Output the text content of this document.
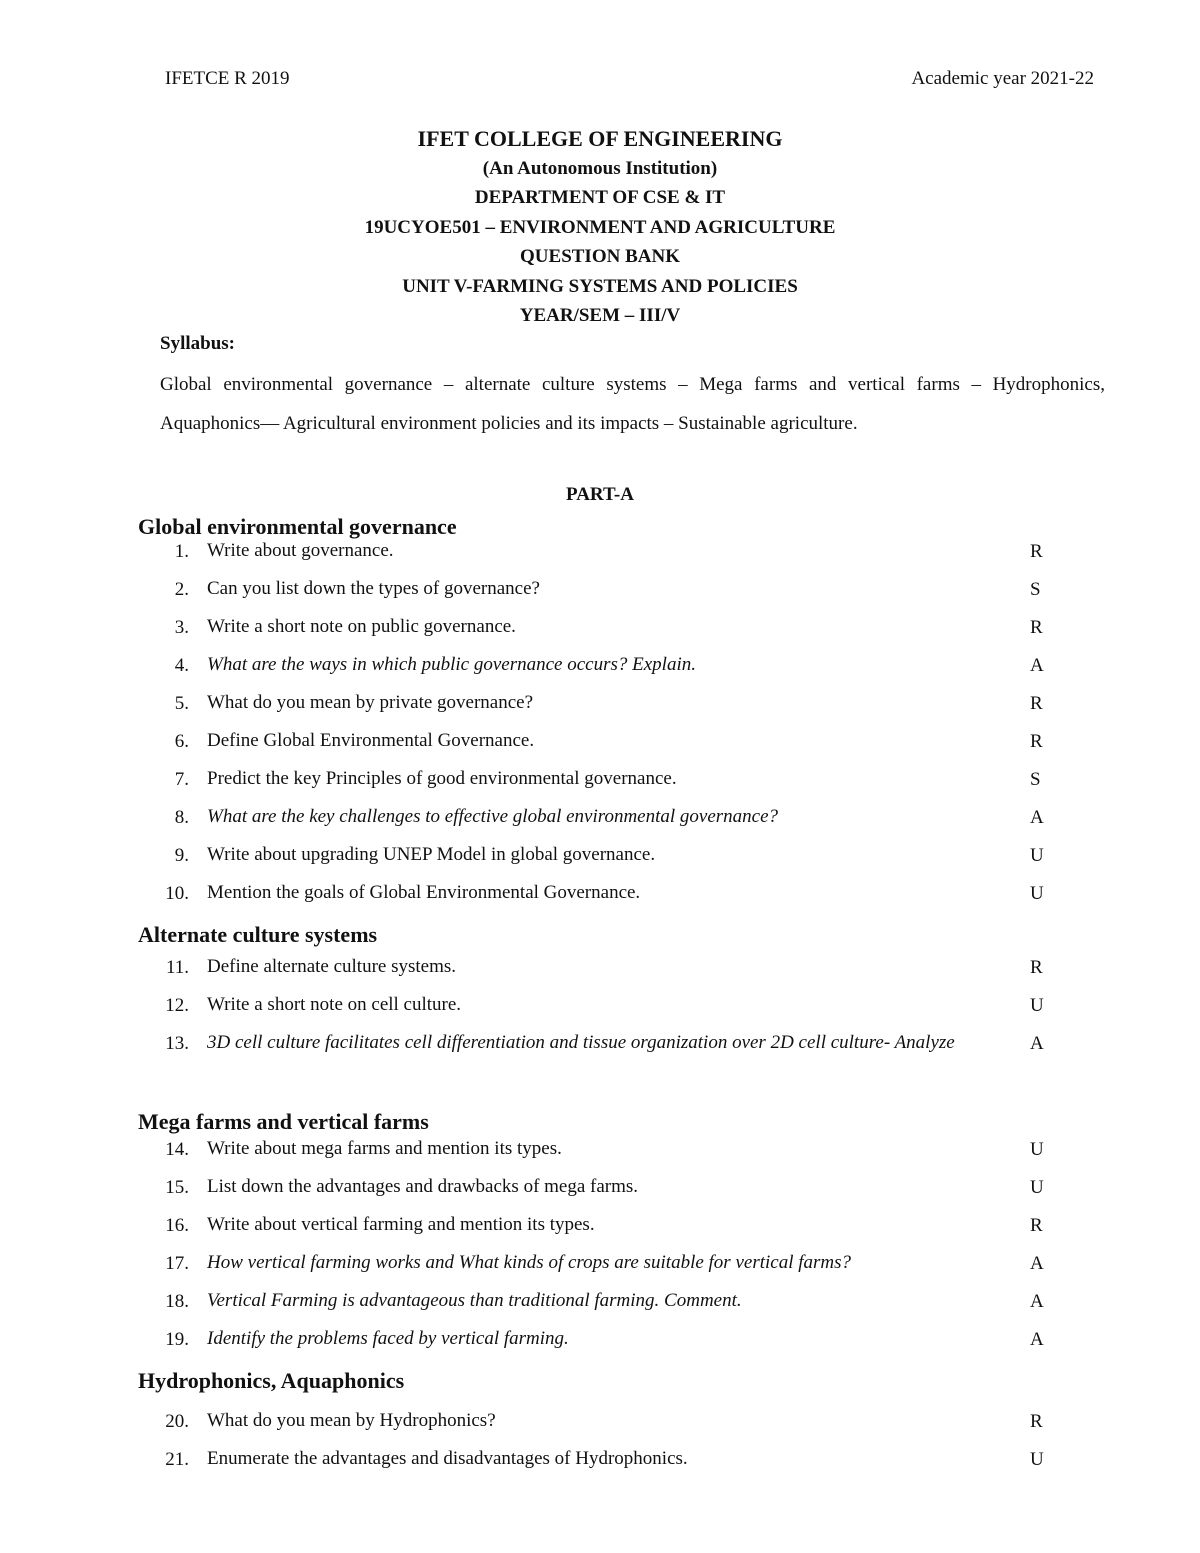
IFETCE R 2019	Academic year 2021-22
IFET COLLEGE OF ENGINEERING
(An Autonomous Institution)
DEPARTMENT OF CSE & IT
19UCYOE501 – ENVIRONMENT AND AGRICULTURE
QUESTION BANK
UNIT V-FARMING SYSTEMS AND POLICIES
YEAR/SEM – III/V
Syllabus:
Global environmental governance – alternate culture systems – Mega farms and vertical farms – Hydrophonics, Aquaphonics–– Agricultural environment policies and its impacts – Sustainable agriculture.
PART-A
Global environmental governance
1. Write about governance.	R
2. Can you list down the types of governance?	S
3. Write a short note on public governance.	R
4. What are the ways in which public governance occurs? Explain.	A
5. What do you mean by private governance?	R
6. Define Global Environmental Governance.	R
7. Predict the key Principles of good environmental governance.	S
8. What are the key challenges to effective global environmental governance?	A
9. Write about upgrading UNEP Model in global governance.	U
10. Mention the goals of Global Environmental Governance.	U
Alternate culture systems
11. Define alternate culture systems.	R
12. Write a short note on cell culture.	U
13. 3D cell culture facilitates cell differentiation and tissue organization over 2D cell culture- Analyze	A
Mega farms and vertical farms
14. Write about mega farms and mention its types.	U
15. List down the advantages and drawbacks of mega farms.	U
16. Write about vertical farming and mention its types.	R
17. How vertical farming works and What kinds of crops are suitable for vertical farms?	A
18. Vertical Farming is advantageous than traditional farming. Comment.	A
19. Identify the problems faced by vertical farming.	A
Hydrophonics, Aquaphonics
20. What do you mean by Hydrophonics?	R
21. Enumerate the advantages and disadvantages of Hydrophonics.	U
